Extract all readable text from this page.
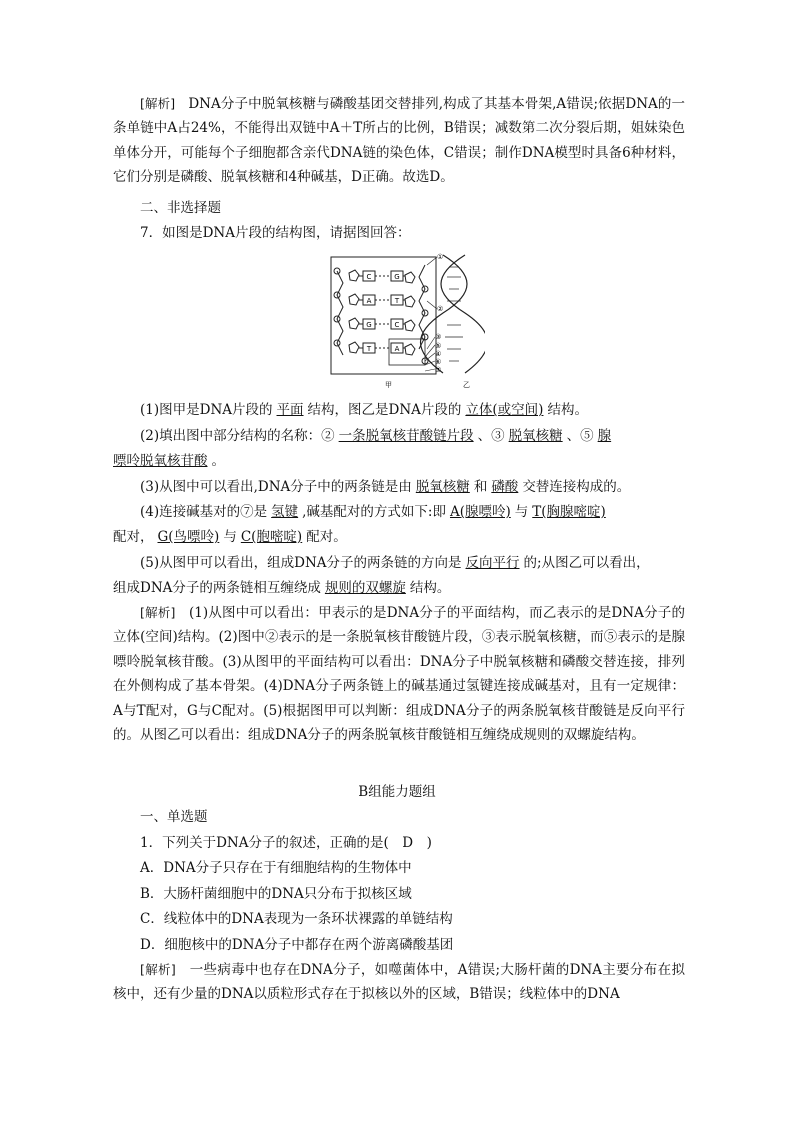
[解析] DNA分子中脱氧核糖与磷酸基团交替排列,构成了其基本骨架,A错误;依据DNA的一条单链中A占24%，不能得出双链中A＋T所占的比例，B错误；减数第二次分裂后期，姐妹染色单体分开，可能每个子细胞都含亲代DNA链的染色体，C错误；制作DNA模型时具备6种材料，它们分别是磷酸、脱氧核糖和4种碱基，D正确。故选D。

二、非选择题
7．如图是DNA片段的结构图，请据图回答：
C	G
A	T
G	C
T	A
①
②
③
⑤
④
⑥
⑦
甲	乙
(1)图甲是DNA片段的 平面 结构，图乙是DNA片段的 立体(或空间) 结构。
(2)填出图中部分结构的名称：② 一条脱氧核苷酸链片段 、③ 脱氧核糖 、⑤ 腺
嘌呤脱氧核苷酸 。
(3)从图中可以看出,DNA分子中的两条链是由 脱氧核糖 和 磷酸 交替连接构成的。
(4)连接碱基对的⑦是 氢键 ,碱基配对的方式如下:即 A(腺嘌呤) 与 T(胸腺嘧啶)
配对， G(鸟嘌呤) 与 C(胞嘧啶) 配对。
(5)从图甲可以看出，组成DNA分子的两条链的方向是 反向平行 的;从图乙可以看出，
组成DNA分子的两条链相互缠绕成 规则的双螺旋 结构。

[解析] (1)从图中可以看出：甲表示的是DNA分子的平面结构，而乙表示的是DNA分子的立体(空间)结构。(2)图中②表示的是一条脱氧核苷酸链片段，③表示脱氧核糖，而⑤表示的是腺嘌呤脱氧核苷酸。(3)从图甲的平面结构可以看出：DNA分子中脱氧核糖和磷酸交替连接，排列在外侧构成了基本骨架。(4)DNA分子两条链上的碱基通过氢键连接成碱基对，且有一定规律：A与T配对，G与C配对。(5)根据图甲可以判断：组成DNA分子的两条脱氧核苷酸链是反向平行的。从图乙可以看出：组成DNA分子的两条脱氧核苷酸链相互缠绕成规则的双螺旋结构。

B组能力题组
一、单选题
1．下列关于DNA分子的叙述，正确的是(　D　)
A．DNA分子只存在于有细胞结构的生物体中
B．大肠杆菌细胞中的DNA只分布于拟核区域
C．线粒体中的DNA表现为一条环状裸露的单链结构
D．细胞核中的DNA分子中都存在两个游离磷酸基团

[解析] 一些病毒中也存在DNA分子，如噬菌体中，A错误;大肠杆菌的DNA主要分布在拟核中，还有少量的DNA以质粒形式存在于拟核以外的区域，B错误；线粒体中的DNA
